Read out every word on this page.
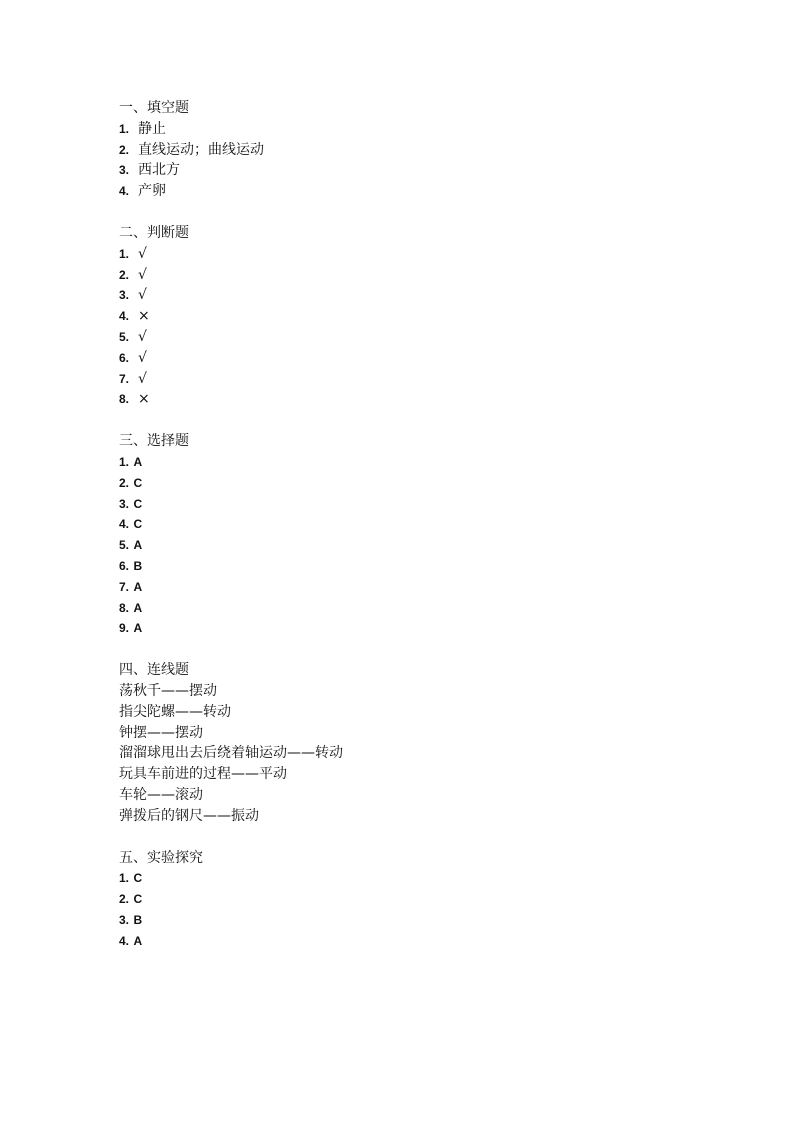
一、填空题
1. 静止
2. 直线运动；曲线运动
3. 西北方
4. 产卵
二、判断题
1. √
2. √
3. √
4. ×
5. √
6. √
7. √
8. ×
三、选择题
1. A
2. C
3. C
4. C
5. A
6. B
7. A
8. A
9. A
四、连线题
荡秋千——摆动
指尖陀螺——转动
钟摆——摆动
溜溜球甩出去后绕着轴运动——转动
玩具车前进的过程——平动
车轮——滚动
弹拨后的钢尺——振动
五、实验探究
1. C
2. C
3. B
4. A
